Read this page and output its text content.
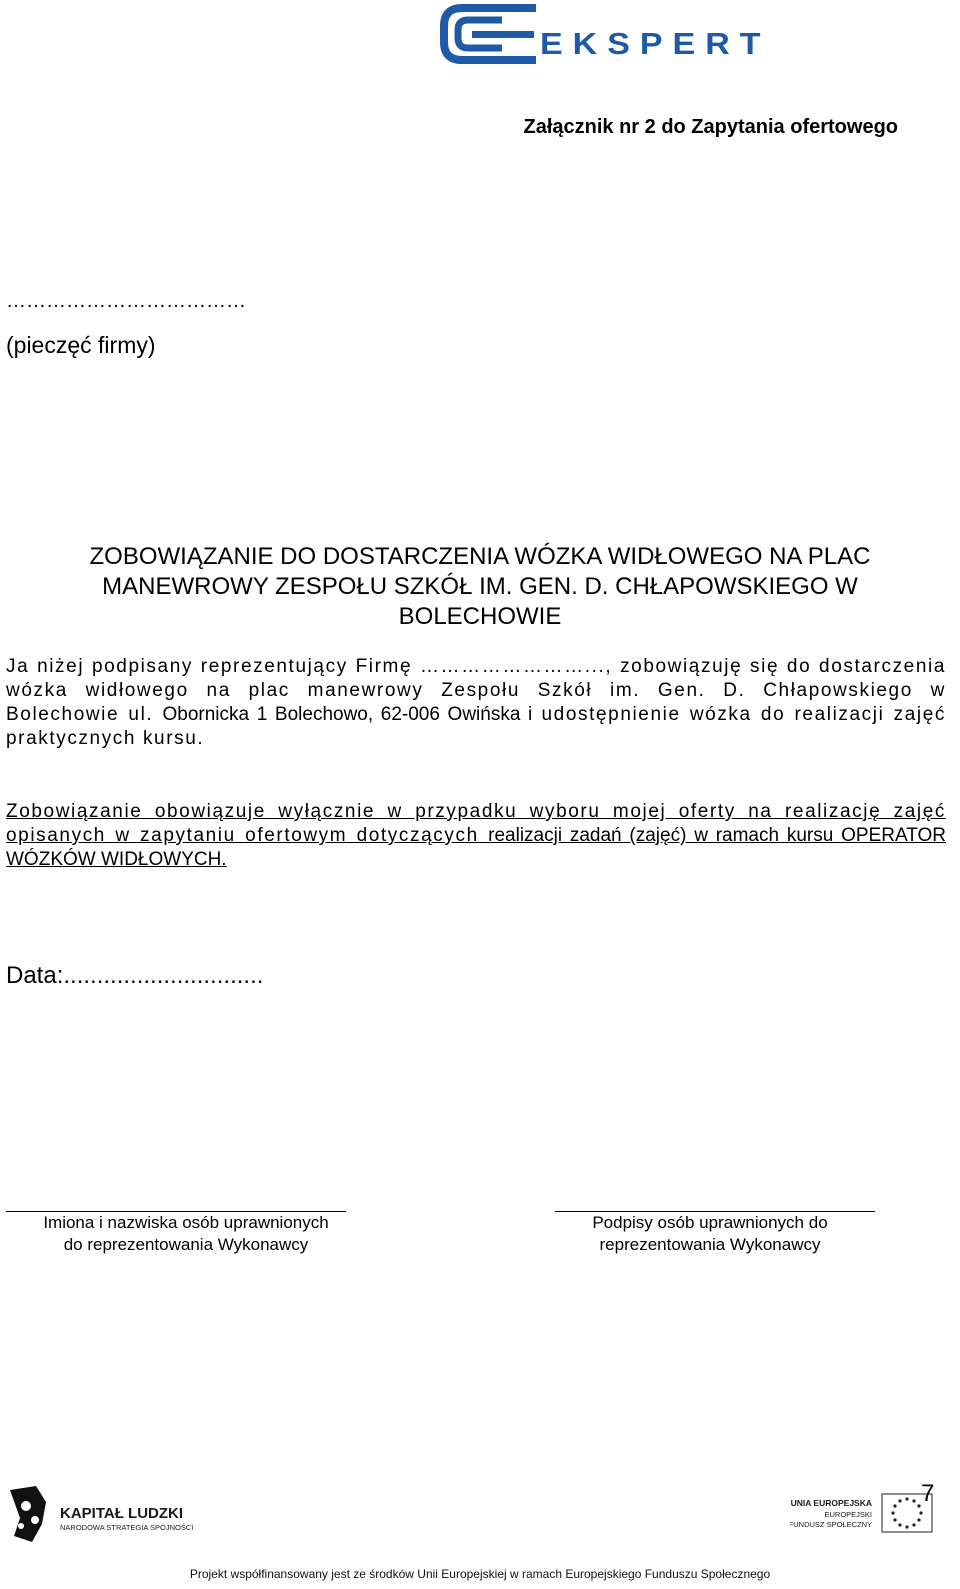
EKSPERT
Załącznik nr 2 do Zapytania ofertowego
………………………………
(pieczęć firmy)
ZOBOWIĄZANIE DO DOSTARCZENIA WÓZKA WIDŁOWEGO NA PLAC
MANEWROWY ZESPOŁU SZKÓŁ IM. GEN. D. CHŁAPOWSKIEGO W
BOLECHOWIE
Ja niżej podpisany reprezentujący Firmę ……………………..., zobowiązuję się do dostarczenia wózka widłowego na plac manewrowy Zespołu Szkół im. Gen. D. Chłapowskiego w Bolechowie ul. Obornicka 1 Bolechowo, 62-006 Owińska i udostępnienie wózka do realizacji zajęć praktycznych kursu.
Zobowiązanie obowiązuje wyłącznie w przypadku wyboru mojej oferty na realizację zajęć opisanych w zapytaniu ofertowym dotyczących realizacji zadań (zajęć) w ramach kursu OPERATOR WÓZKÓW WIDŁOWYCH.
Data:..............................
Imiona i nazwiska osób uprawnionych
do reprezentowania Wykonawcy
Podpisy osób uprawnionych do
reprezentowania Wykonawcy
KAPITAŁ LUDZKI
NARODOWA STRATEGIA SPÓJNOŚCI
UNIA EUROPEJSKA
EUROPEJSKI
FUNDUSZ SPOŁECZNY
7
Projekt współfinansowany jest ze środków Unii Europejskiej w ramach Europejskiego Funduszu Społecznego
